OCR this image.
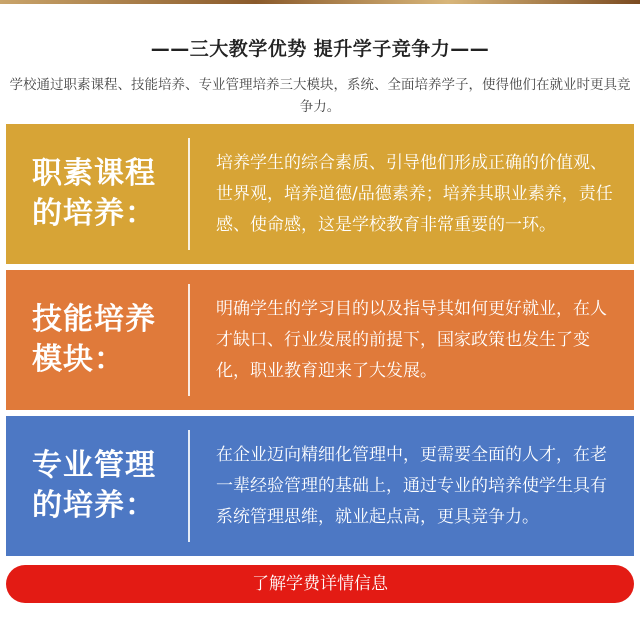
——三大教学优势 提升学子竞争力——
学校通过职素课程、技能培养、专业管理培养三大模块，系统、全面培养学子，使得他们在就业时更具竞争力。
职素课程
的培养：
培养学生的综合素质、引导他们形成正确的价值观、世界观，培养道德/品德素养；培养其职业素养，责任感、使命感，这是学校教育非常重要的一环。
技能培养
模块：
明确学生的学习目的以及指导其如何更好就业，在人才缺口、行业发展的前提下，国家政策也发生了变化，职业教育迎来了大发展。
专业管理
的培养：
在企业迈向精细化管理中，更需要全面的人才，在老一辈经验管理的基础上，通过专业的培养使学生具有系统管理思维，就业起点高，更具竞争力。
了解学费详情信息
